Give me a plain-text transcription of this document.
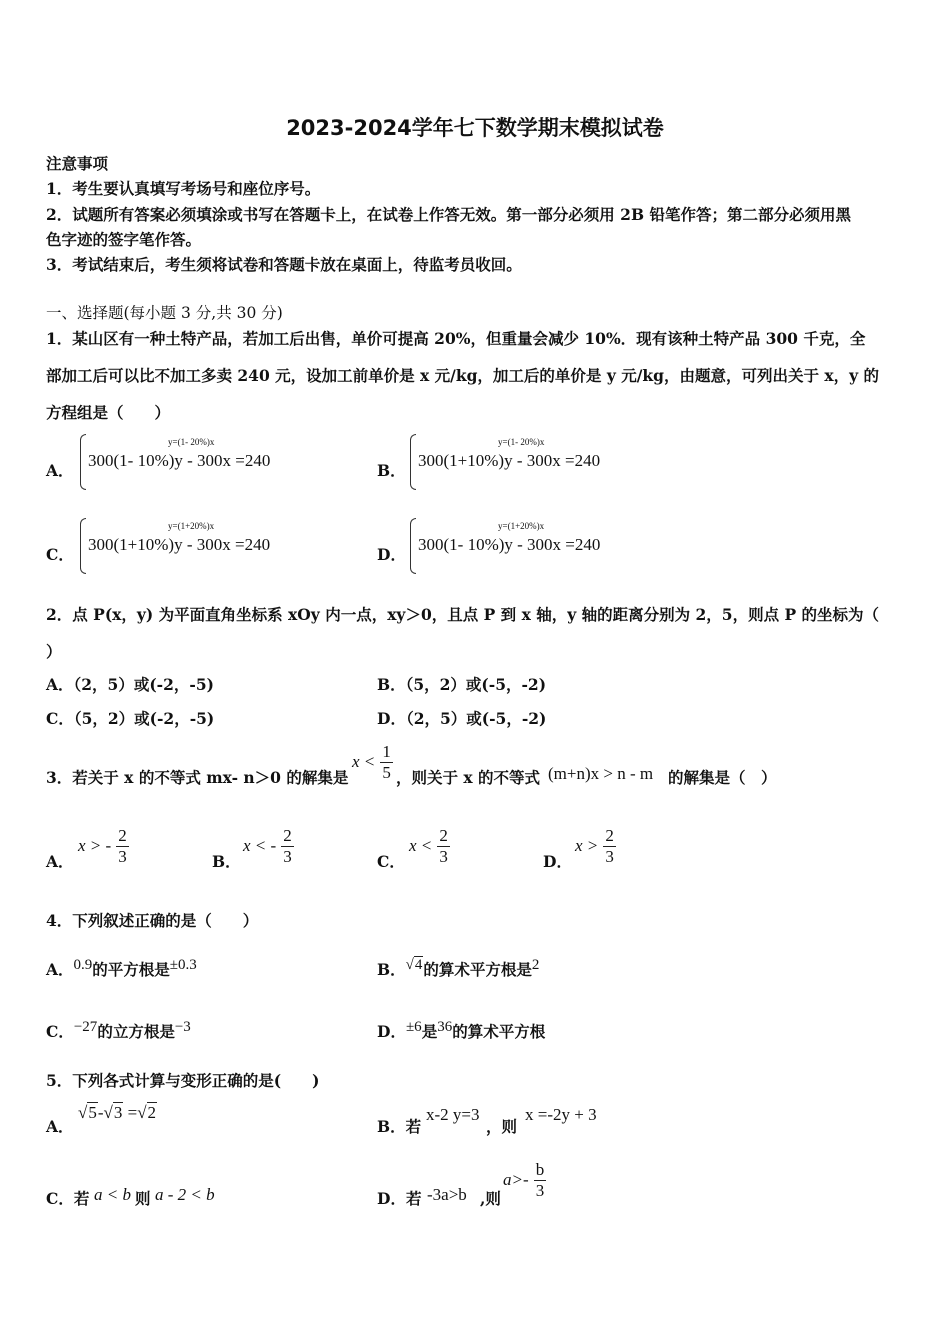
2023-2024学年七下数学期末模拟试卷
注意事项
1．考生要认真填写考场号和座位序号。
2．试题所有答案必须填涂或书写在答题卡上，在试卷上作答无效。第一部分必须用 2B 铅笔作答；第二部分必须用黑
色字迹的签字笔作答。
3．考试结束后，考生须将试卷和答题卡放在桌面上，待监考员收回。
一、选择题(每小题 3 分,共 30 分)
1．某山区有一种土特产品，若加工后出售，单价可提高 20%，但重量会减少 10%．现有该种土特产品 300 千克，全
部加工后可以比不加工多卖 240 元，设加工前单价是 x 元/kg，加工后的单价是 y 元/kg，由题意，可列出关于 x，y 的
方程组是（　　）
A．
y=(1- 20%)x
300(1- 10%)y - 300x =240
B．
y=(1- 20%)x
300(1+10%)y - 300x =240
C．
y=(1+20%)x
300(1+10%)y - 300x =240
D．
y=(1+20%)x
300(1- 10%)y - 300x =240
2．点 P(x，y) 为平面直角坐标系 xOy 内一点，xy＞0，且点 P 到 x 轴，y 轴的距离分别为 2，5，则点 P 的坐标为（
）
A．（2，5）或(-2，-5)	B．（5，2）或(-5，-2)
C．（5，2）或(-2，-5)	D．（2，5）或(-5，-2)
3．若关于 x 的不等式 mx- n＞0 的解集是
$x < \frac{1}{5}$ ，则关于 x 的不等式 (m+n)x > n - m 的解集是（　）
A．
x > - $\frac{2}{3}$	B．
x < - $\frac{2}{3}$	C．
$x < \frac{2}{3}$	D．
$x > \frac{2}{3}$
4．下列叙述正确的是（　　）
A．0.9的平方根是±0.3	B．√4的算术平方根是2
C．−27的立方根是−3	D．±6是36的算术平方根
5．下列各式计算与变形正确的是(　　)
A．
√5-√3 =√2
B．若
x-2 y=3
，则
x =-2y + 3
C．若 a < b 则 a - 2 < b	D．若 -3a>b ,则
$a>- \frac{b}{3}$
